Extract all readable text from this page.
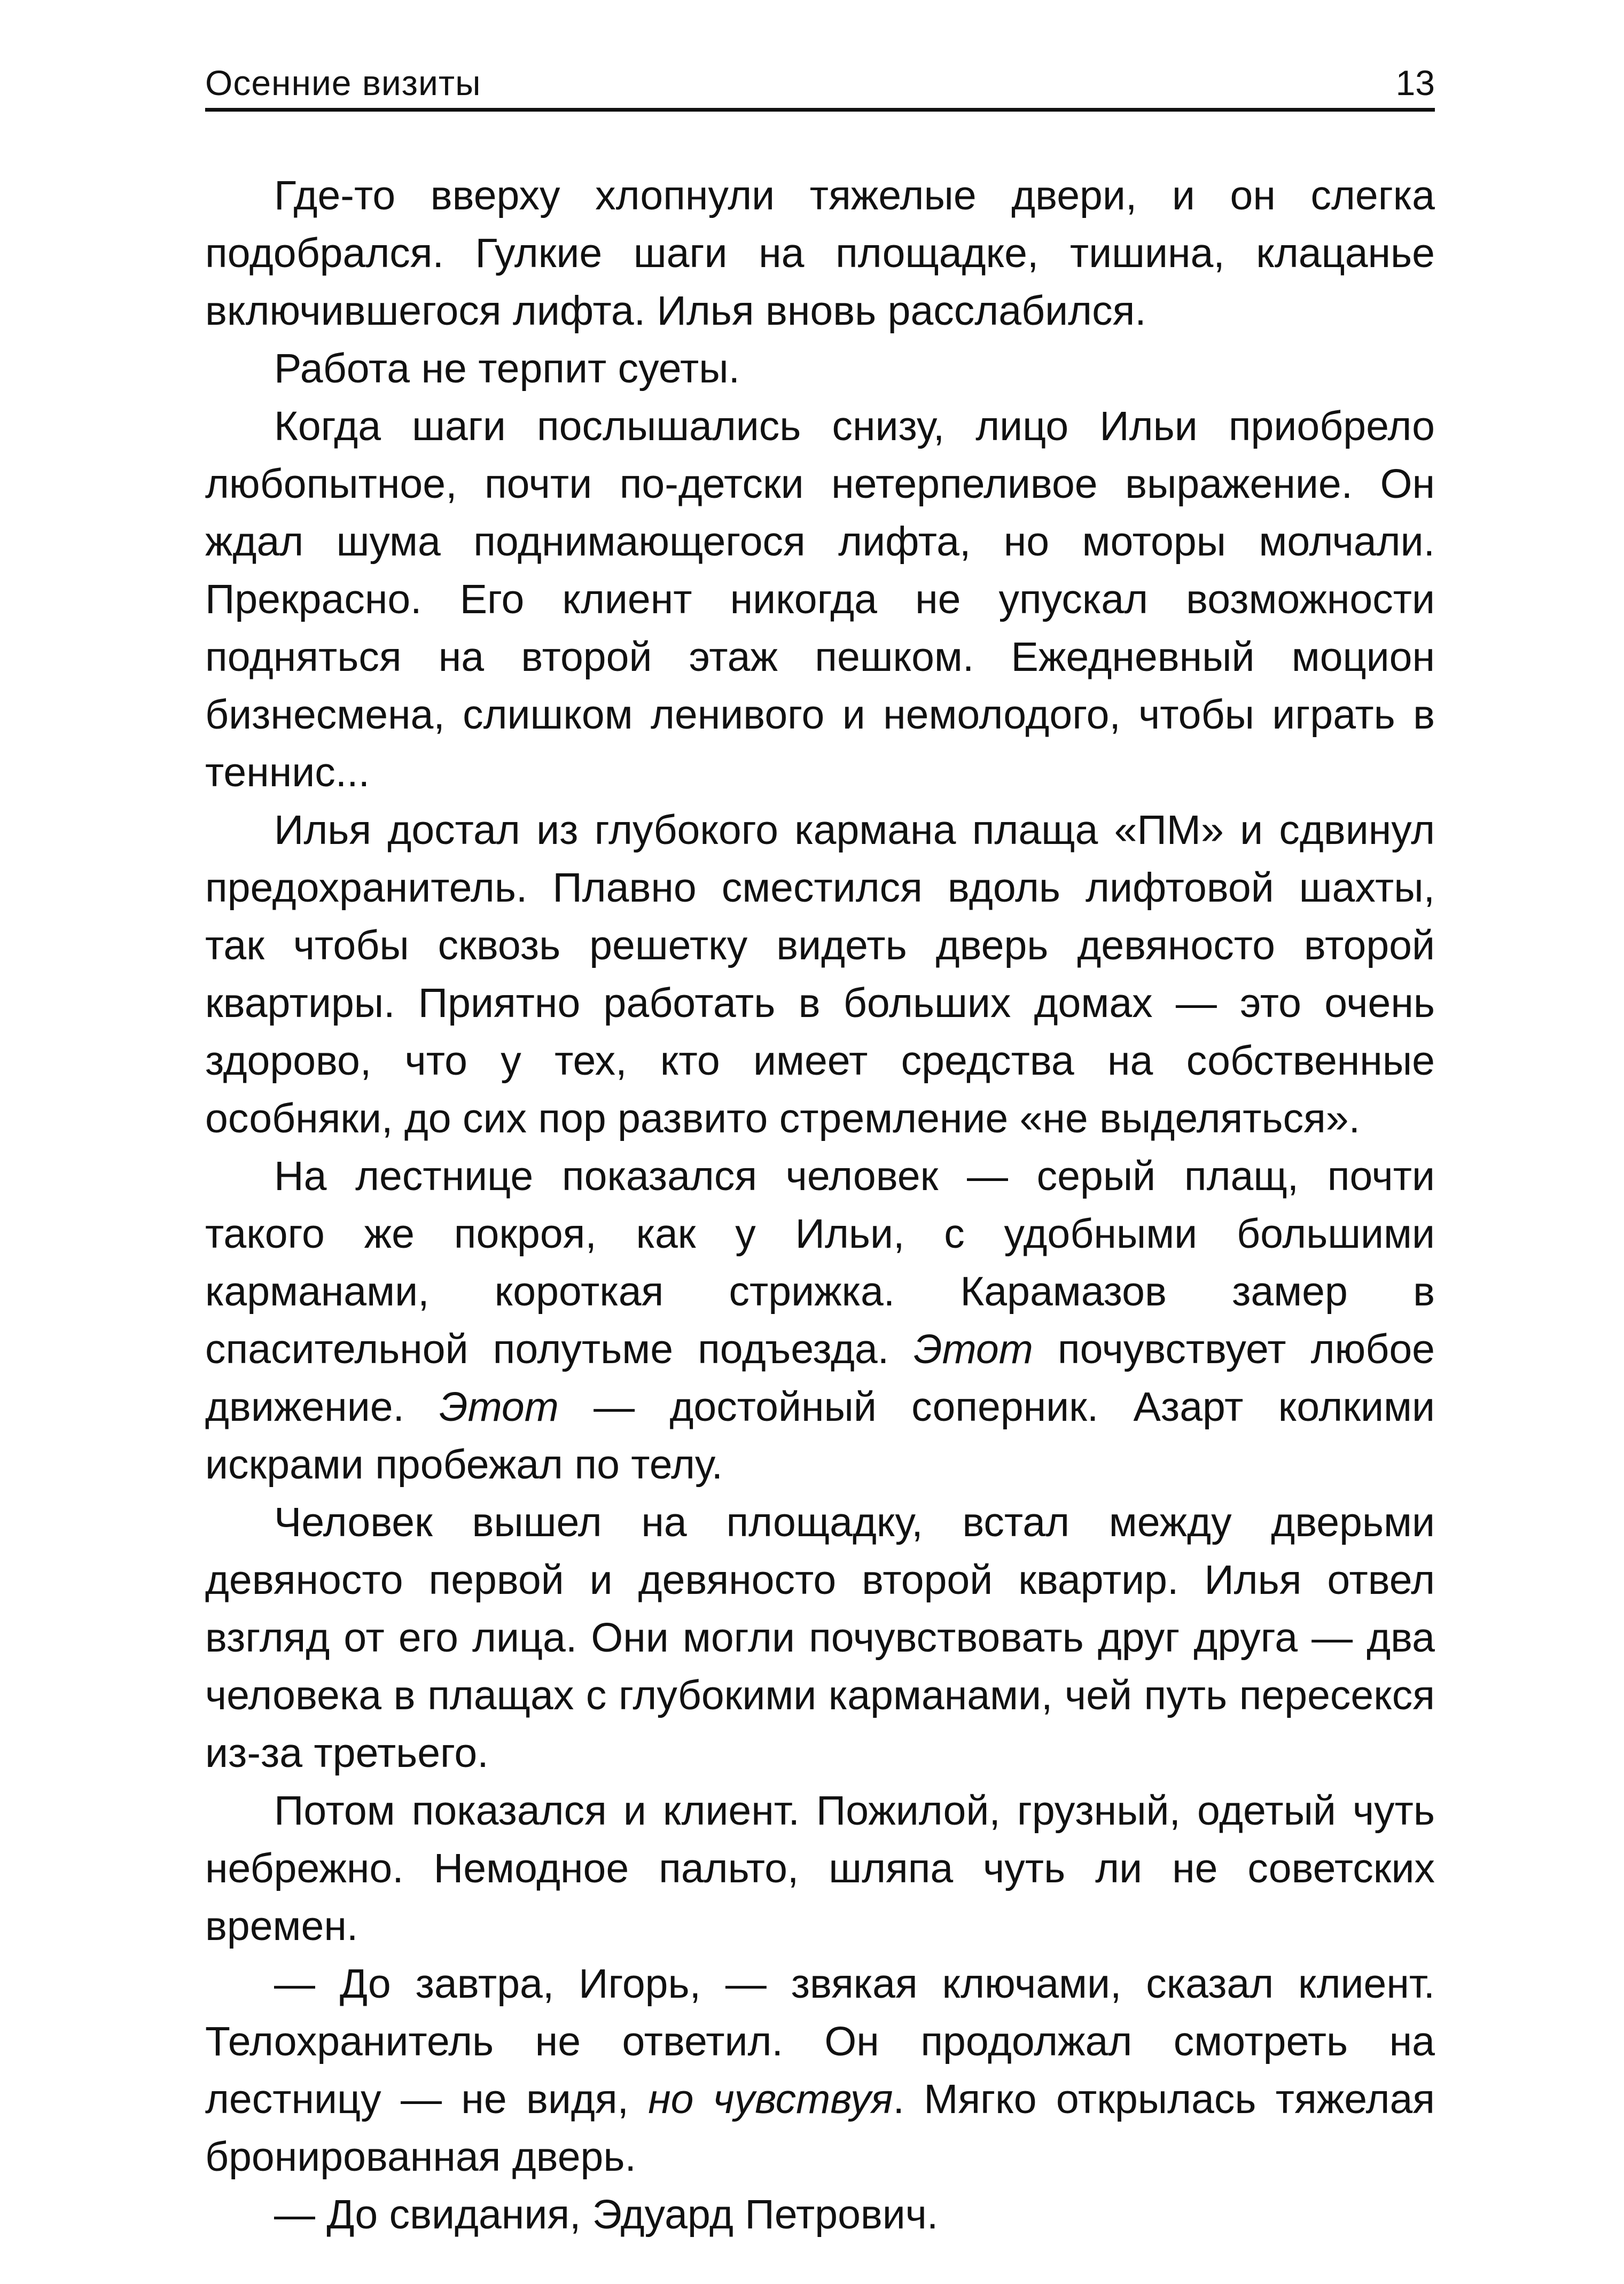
Осенние визиты	13

Где-то вверху хлопнули тяжелые двери, и он слегка подобрался. Гулкие шаги на площадке, тишина, клацанье включившегося лифта. Илья вновь расслабился.

Работа не терпит суеты.

Когда шаги послышались снизу, лицо Ильи приобрело любопытное, почти по-детски нетерпеливое выражение. Он ждал шума поднимающегося лифта, но моторы молчали. Прекрасно. Его клиент никогда не упускал возможности подняться на второй этаж пешком. Ежедневный моцион бизнесмена, слишком ленивого и немолодого, чтобы играть в теннис...

Илья достал из глубокого кармана плаща «ПМ» и сдвинул предохранитель. Плавно сместился вдоль лифтовой шахты, так чтобы сквозь решетку видеть дверь девяносто второй квартиры. Приятно работать в больших домах — это очень здорово, что у тех, кто имеет средства на собственные особняки, до сих пор развито стремление «не выделяться».

На лестнице показался человек — серый плащ, почти такого же покроя, как у Ильи, с удобными большими карманами, короткая стрижка. Карамазов замер в спасительной полутьме подъезда. Этот почувствует любое движение. Этот — достойный соперник. Азарт колкими искрами пробежал по телу.

Человек вышел на площадку, встал между дверьми девяносто первой и девяносто второй квартир. Илья отвел взгляд от его лица. Они могли почувствовать друг друга — два человека в плащах с глубокими карманами, чей путь пересекся из-за третьего.

Потом показался и клиент. Пожилой, грузный, одетый чуть небрежно. Немодное пальто, шляпа чуть ли не советских времен.

— До завтра, Игорь, — звякая ключами, сказал клиент. Телохранитель не ответил. Он продолжал смотреть на лестницу — не видя, но чувствуя. Мягко открылась тяжелая бронированная дверь.

— До свидания, Эдуард Петрович.
